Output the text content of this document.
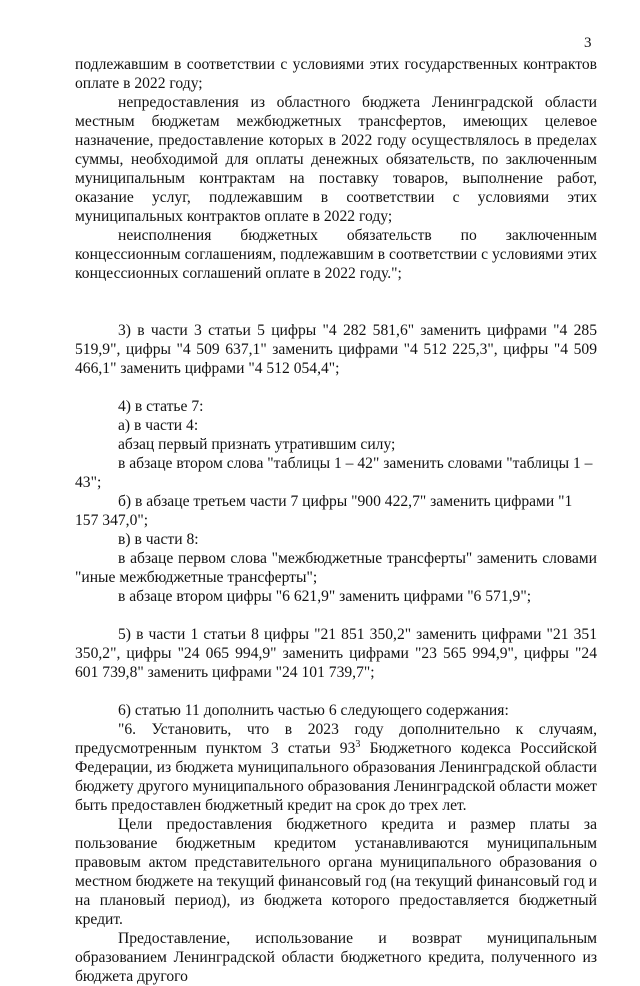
3

подлежавшим в соответствии с условиями этих государственных контрактов оплате в 2022 году;

непредоставления из областного бюджета Ленинградской области местным бюджетам межбюджетных трансфертов, имеющих целевое назначение, предоставление которых в 2022 году осуществлялось в пределах суммы, необходимой для оплаты денежных обязательств, по заключенным муниципальным контрактам на поставку товаров, выполнение работ, оказание услуг, подлежавшим в соответствии с условиями этих муниципальных контрактов оплате в 2022 году;

неисполнения бюджетных обязательств по заключенным концессионным соглашениям, подлежавшим в соответствии с условиями этих концессионных соглашений оплате в 2022 году.";

3) в части 3 статьи 5 цифры "4 282 581,6" заменить цифрами "4 285 519,9", цифры "4 509 637,1" заменить цифрами "4 512 225,3", цифры "4 509 466,1" заменить цифрами "4 512 054,4";

4) в статье 7:

а) в части 4:

абзац первый признать утратившим силу;

в абзаце втором слова "таблицы 1 – 42" заменить словами "таблицы 1 – 43";

б) в абзаце третьем части 7 цифры "900 422,7" заменить цифрами "1 157 347,0";

в) в части 8:

в абзаце первом слова "межбюджетные трансферты" заменить словами "иные межбюджетные трансферты";

в абзаце втором цифры "6 621,9" заменить цифрами "6 571,9";

5) в части 1 статьи 8 цифры "21 851 350,2" заменить цифрами "21 351 350,2", цифры "24 065 994,9" заменить цифрами "23 565 994,9", цифры "24 601 739,8" заменить цифрами "24 101 739,7";

6) статью 11 дополнить частью 6 следующего содержания:

"6. Установить, что в 2023 году дополнительно к случаям, предусмотренным пунктом 3 статьи $93^3$ Бюджетного кодекса Российской Федерации, из бюджета муниципального образования Ленинградской области бюджету другого муниципального образования Ленинградской области может быть предоставлен бюджетный кредит на срок до трех лет.

Цели предоставления бюджетного кредита и размер платы за пользование бюджетным кредитом устанавливаются муниципальным правовым актом представительного органа муниципального образования о местном бюджете на текущий финансовый год (на текущий финансовый год и на плановый период), из бюджета которого предоставляется бюджетный кредит.

Предоставление, использование и возврат муниципальным образованием Ленинградской области бюджетного кредита, полученного из бюджета другого
